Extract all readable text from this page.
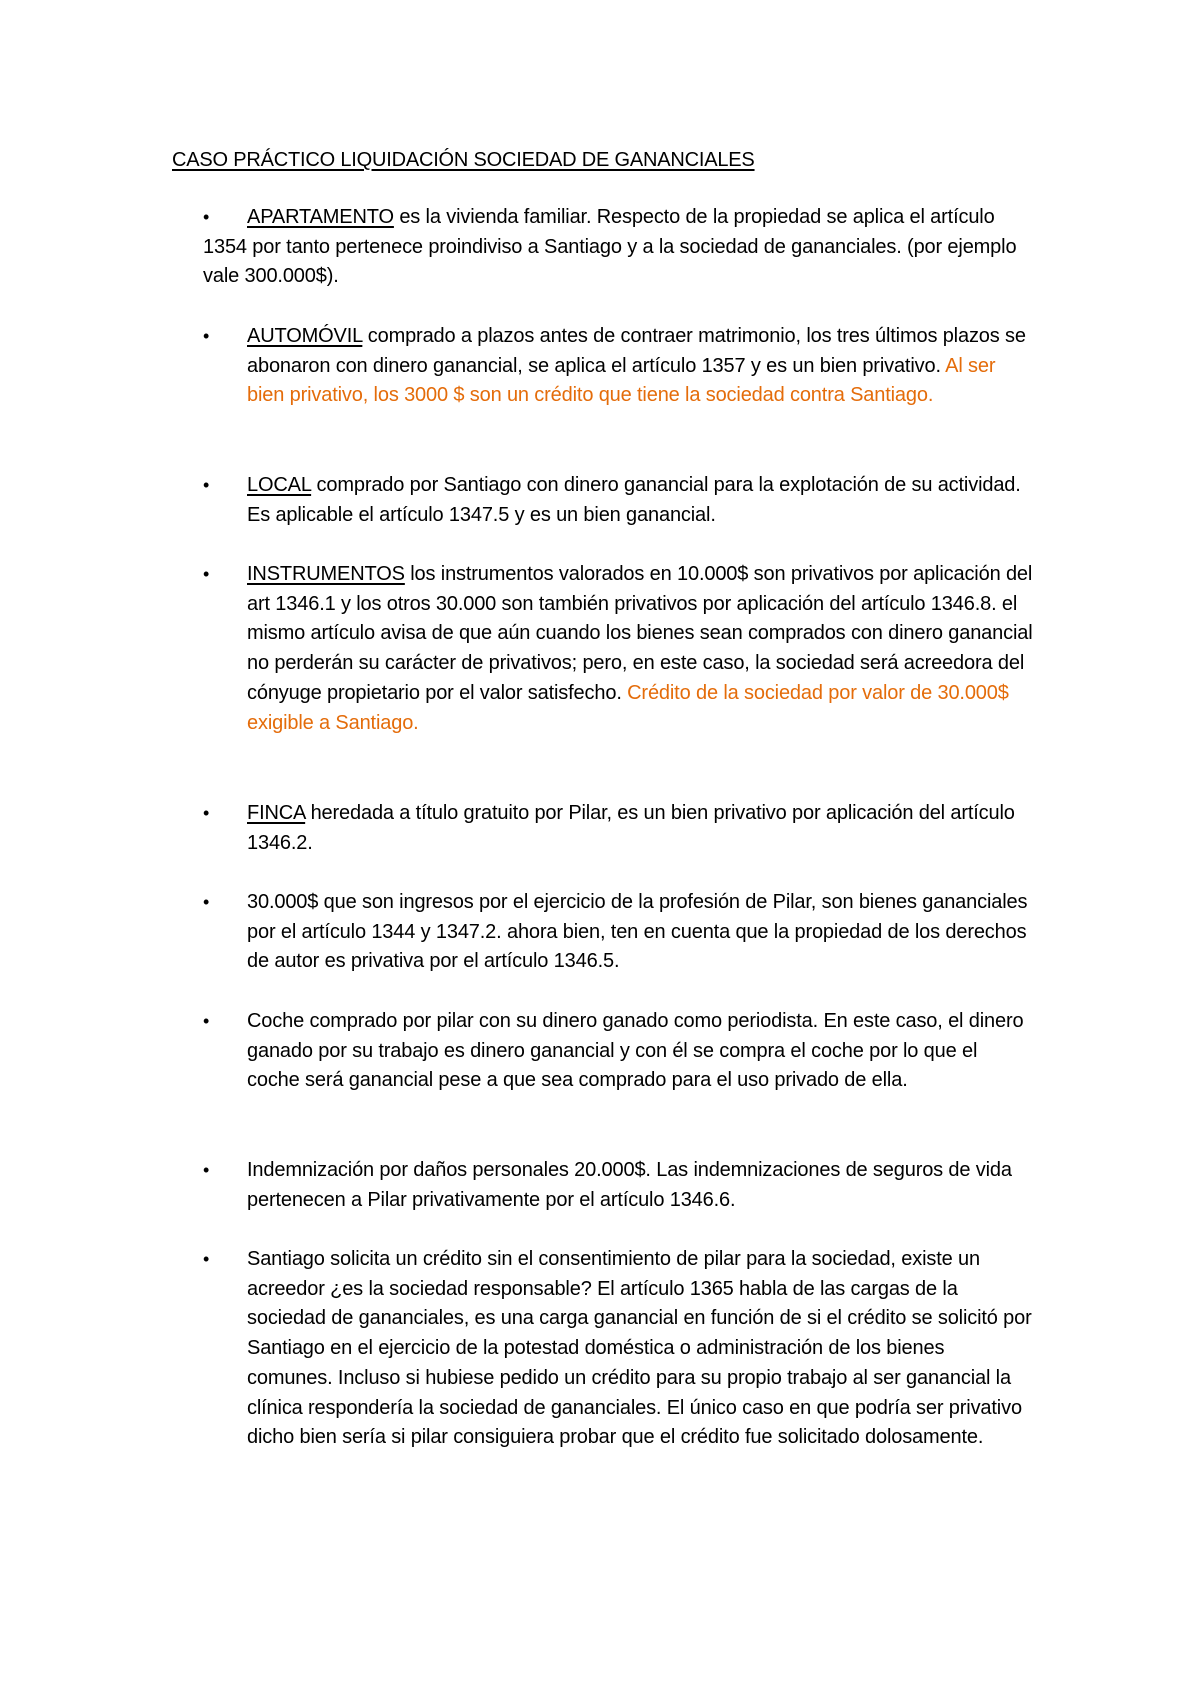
CASO PRÁCTICO LIQUIDACIÓN SOCIEDAD DE GANANCIALES
•	APARTAMENTO es la vivienda familiar. Respecto de la propiedad se aplica el artículo 1354 por tanto pertenece proindiviso a Santiago y a la sociedad de gananciales. (por ejemplo vale 300.000$).
• AUTOMÓVIL comprado a plazos antes de contraer matrimonio, los tres últimos plazos se abonaron con dinero ganancial, se aplica el artículo 1357 y es un bien privativo. Al ser bien privativo, los 3000 $ son un crédito que tiene la sociedad contra Santiago.
• LOCAL comprado por Santiago con dinero ganancial para la explotación de su actividad. Es aplicable el artículo 1347.5 y es un bien ganancial.
• INSTRUMENTOS los instrumentos valorados en 10.000$ son privativos por aplicación del art 1346.1 y los otros 30.000 son también privativos por aplicación del artículo 1346.8. el mismo artículo avisa de que aún cuando los bienes sean comprados con dinero ganancial no perderán su carácter de privativos; pero, en este caso, la sociedad será acreedora del cónyuge propietario por el valor satisfecho. Crédito de la sociedad por valor de 30.000$ exigible a Santiago.
• FINCA heredada a título gratuito por Pilar, es un bien privativo por aplicación del artículo 1346.2.
• 30.000$ que son ingresos por el ejercicio de la profesión de Pilar, son bienes gananciales por el artículo 1344 y 1347.2. ahora bien, ten en cuenta que la propiedad de los derechos de autor es privativa por el artículo 1346.5.
• Coche comprado por pilar con su dinero ganado como periodista. En este caso, el dinero ganado por su trabajo es dinero ganancial y con él se compra el coche por lo que el coche será ganancial pese a que sea comprado para el uso privado de ella.
• Indemnización por daños personales 20.000$. Las indemnizaciones de seguros de vida pertenecen a Pilar privativamente por el artículo 1346.6.
• Santiago solicita un crédito sin el consentimiento de pilar para la sociedad, existe un acreedor ¿es la sociedad responsable? El artículo 1365 habla de las cargas de la sociedad de gananciales, es una carga ganancial en función de si el crédito se solicitó por Santiago en el ejercicio de la potestad doméstica o administración de los bienes comunes. Incluso si hubiese pedido un crédito para su propio trabajo al ser ganancial la clínica respondería la sociedad de gananciales. El único caso en que podría ser privativo dicho bien sería si pilar consiguiera probar que el crédito fue solicitado dolosamente.
